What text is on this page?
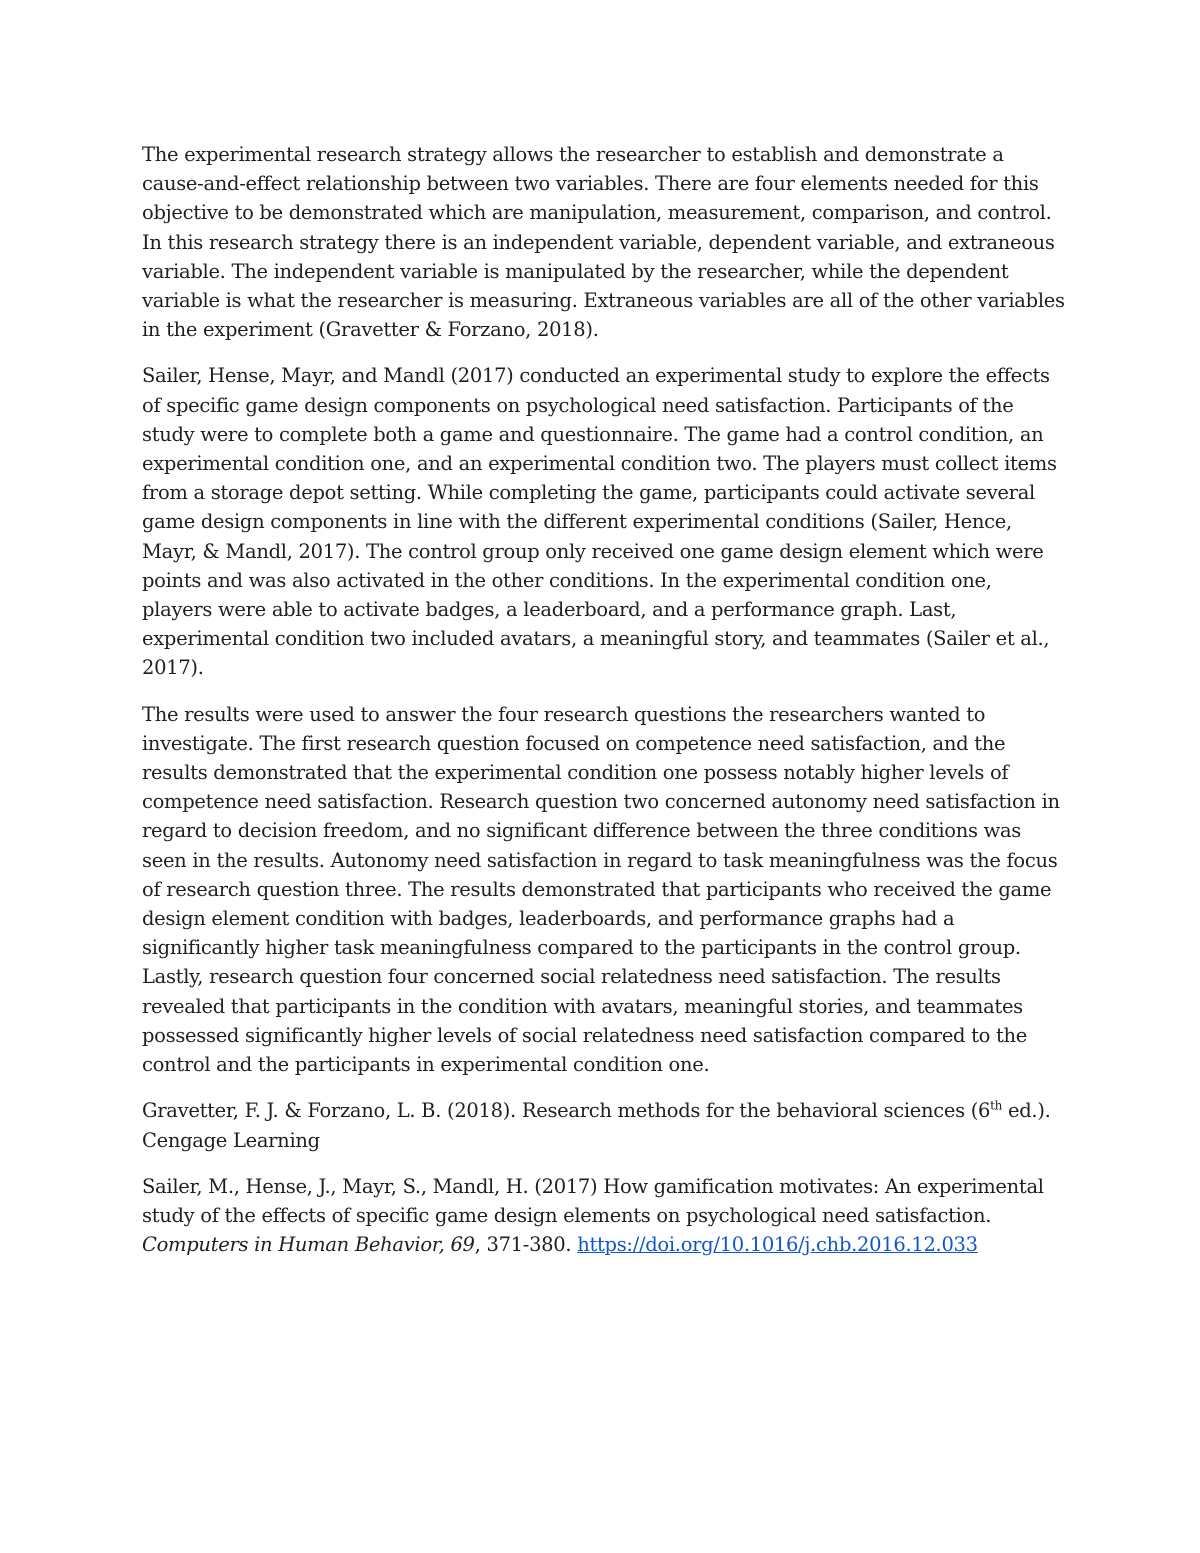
The experimental research strategy allows the researcher to establish and demonstrate a cause-and-effect relationship between two variables. There are four elements needed for this objective to be demonstrated which are manipulation, measurement, comparison, and control. In this research strategy there is an independent variable, dependent variable, and extraneous variable. The independent variable is manipulated by the researcher, while the dependent variable is what the researcher is measuring. Extraneous variables are all of the other variables in the experiment (Gravetter & Forzano, 2018).

Sailer, Hense, Mayr, and Mandl (2017) conducted an experimental study to explore the effects of specific game design components on psychological need satisfaction. Participants of the study were to complete both a game and questionnaire. The game had a control condition, an experimental condition one, and an experimental condition two. The players must collect items from a storage depot setting. While completing the game, participants could activate several game design components in line with the different experimental conditions (Sailer, Hence, Mayr, & Mandl, 2017). The control group only received one game design element which were points and was also activated in the other conditions. In the experimental condition one, players were able to activate badges, a leaderboard, and a performance graph. Last, experimental condition two included avatars, a meaningful story, and teammates (Sailer et al., 2017).

The results were used to answer the four research questions the researchers wanted to investigate. The first research question focused on competence need satisfaction, and the results demonstrated that the experimental condition one possess notably higher levels of competence need satisfaction. Research question two concerned autonomy need satisfaction in regard to decision freedom, and no significant difference between the three conditions was seen in the results. Autonomy need satisfaction in regard to task meaningfulness was the focus of research question three. The results demonstrated that participants who received the game design element condition with badges, leaderboards, and performance graphs had a significantly higher task meaningfulness compared to the participants in the control group. Lastly, research question four concerned social relatedness need satisfaction. The results revealed that participants in the condition with avatars, meaningful stories, and teammates possessed significantly higher levels of social relatedness need satisfaction compared to the control and the participants in experimental condition one.

Gravetter, F. J. & Forzano, L. B. (2018). Research methods for the behavioral sciences (6th ed.). Cengage Learning

Sailer, M., Hense, J., Mayr, S., Mandl, H. (2017) How gamification motivates: An experimental study of the effects of specific game design elements on psychological need satisfaction. Computers in Human Behavior, 69, 371-380. https://doi.org/10.1016/j.chb.2016.12.033
